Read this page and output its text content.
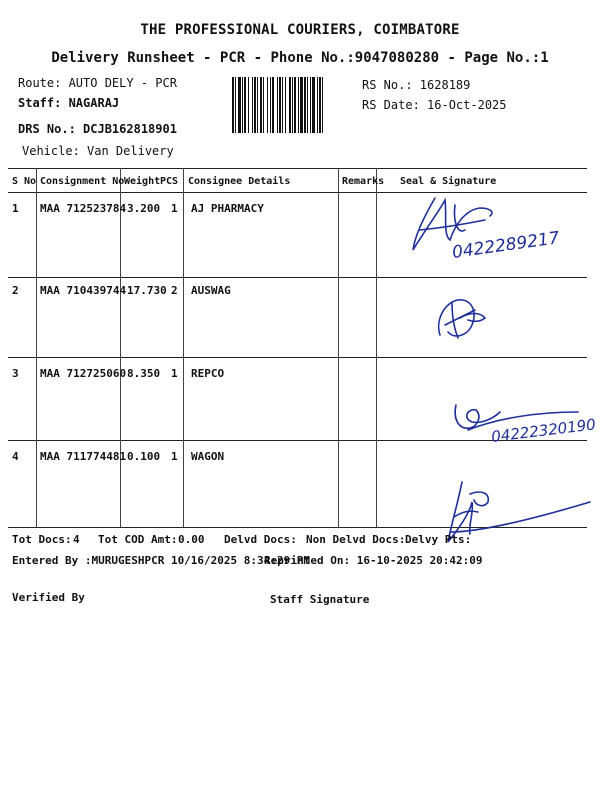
THE PROFESSIONAL COURIERS, COIMBATORE
Delivery Runsheet - PCR - Phone No.:9047080280 - Page No.:1
Route: AUTO DELY - PCR
Staff: NAGARAJ
DRS No.: DCJB162818901
Vehicle: Van Delivery
RS No.: 1628189
RS Date: 16-Oct-2025
S No Consignment No Weight PCS Consignee Details	Remarks Seal & Signature
1 MAA 712523784 3.200 1 AJ PHARMACY
2 MAA 710439744 17.730 2 AUSWAG
3 MAA 712725060 8.350 1 REPCO
4 MAA 711774481 0.100 1 WAGON
0422289217
04222320190
Tot Docs: 4 Tot COD Amt: 0.00 Delvd Docs: Non Delvd Docs: Delvy Pts:
Entered By :MURUGESHPCR 10/16/2025 8:34:29 PM
Reprinted On: 16-10-2025 20:42:09
Verified By	Staff Signature
